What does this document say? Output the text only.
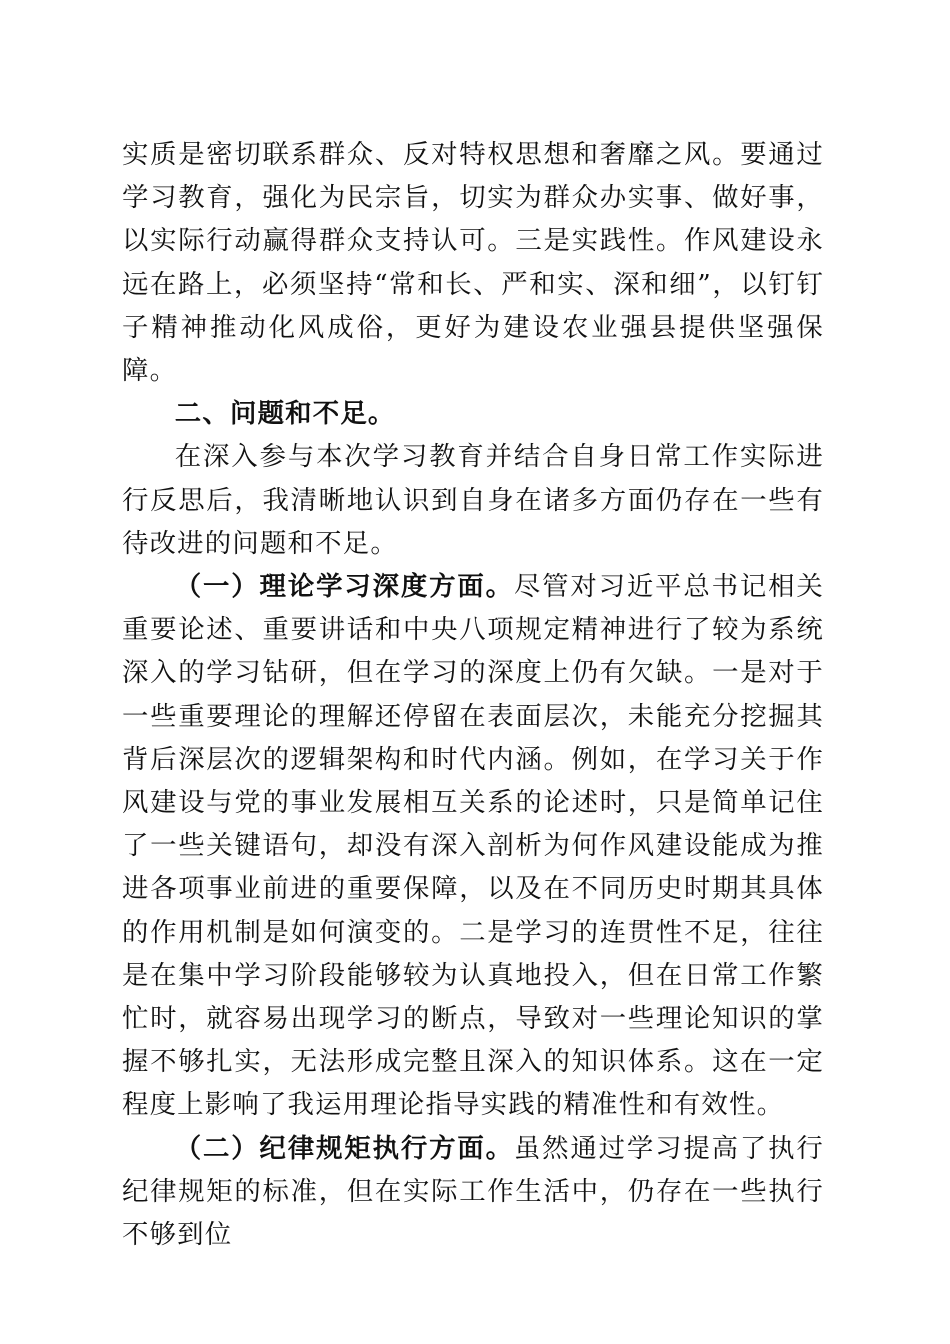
实质是密切联系群众、反对特权思想和奢靡之风。要通过学习教育，强化为民宗旨，切实为群众办实事、做好事，以实际行动赢得群众支持认可。三是实践性。作风建设永远在路上，必须坚持“常和长、严和实、深和细”，以钉钉子精神推动化风成俗，更好为建设农业强县提供坚强保障。

二、问题和不足。

在深入参与本次学习教育并结合自身日常工作实际进行反思后，我清晰地认识到自身在诸多方面仍存在一些有待改进的问题和不足。

（一）理论学习深度方面。尽管对习近平总书记相关重要论述、重要讲话和中央八项规定精神进行了较为系统深入的学习钻研，但在学习的深度上仍有欠缺。一是对于一些重要理论的理解还停留在表面层次，未能充分挖掘其背后深层次的逻辑架构和时代内涵。例如，在学习关于作风建设与党的事业发展相互关系的论述时，只是简单记住了一些关键语句，却没有深入剖析为何作风建设能成为推进各项事业前进的重要保障，以及在不同历史时期其具体的作用机制是如何演变的。二是学习的连贯性不足，往往是在集中学习阶段能够较为认真地投入，但在日常工作繁忙时，就容易出现学习的断点，导致对一些理论知识的掌握不够扎实，无法形成完整且深入的知识体系。这在一定程度上影响了我运用理论指导实践的精准性和有效性。

（二）纪律规矩执行方面。虽然通过学习提高了执行纪律规矩的标准，但在实际工作生活中，仍存在一些执行不够到位
